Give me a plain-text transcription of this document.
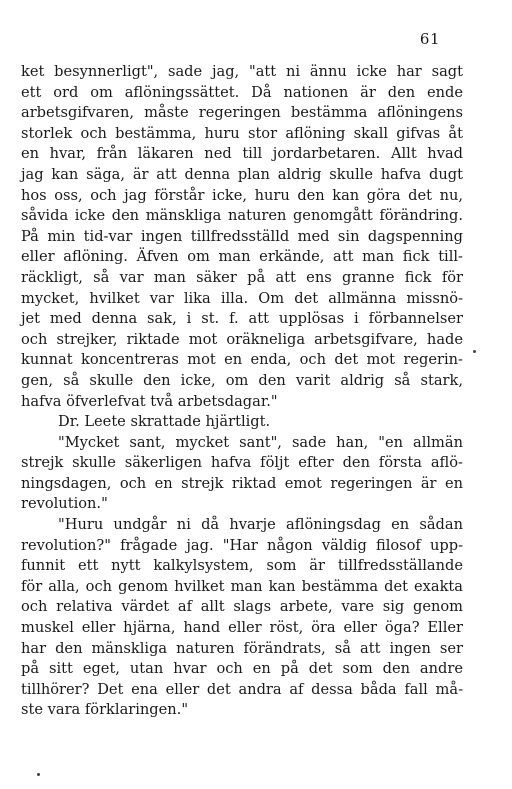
61
ket besynnerligt", sade jag, "att ni ännu icke har sagt
ett ord om aflöningssättet. Då nationen är den ende
arbetsgifvaren, måste regeringen bestämma aflöningens
storlek och bestämma, huru stor aflöning skall gifvas åt
en hvar, från läkaren ned till jordarbetaren. Allt hvad
jag kan säga, är att denna plan aldrig skulle hafva dugt
hos oss, och jag förstår icke, huru den kan göra det nu,
såvida icke den mänskliga naturen genomgått förändring.
På min tid-var ingen tillfredsställd med sin dagspenning
eller aflöning. Äfven om man erkände, att man fick till-
räckligt, så var man säker på att ens granne fick för
mycket, hvilket var lika illa. Om det allmänna missnö-
jet med denna sak, i st. f. att upplösas i förbannelser
och strejker, riktade mot oräkneliga arbetsgifvare, hade
kunnat koncentreras mot en enda, och det mot regerin-
gen, så skulle den icke, om den varit aldrig så stark,
hafva öfverlefvat två arbetsdagar."
Dr. Leete skrattade hjärtligt.
"Mycket sant, mycket sant", sade han, "en allmän
strejk skulle säkerligen hafva följt efter den första aflö-
ningsdagen, och en strejk riktad emot regeringen är en
revolution."
"Huru undgår ni då hvarje aflöningsdag en sådan
revolution?" frågade jag. "Har någon väldig filosof upp-
funnit ett nytt kalkylsystem, som är tillfredsställande
för alla, och genom hvilket man kan bestämma det exakta
och relativa värdet af allt slags arbete, vare sig genom
muskel eller hjärna, hand eller röst, öra eller öga? Eller
har den mänskliga naturen förändrats, så att ingen ser
på sitt eget, utan hvar och en på det som den andre
tillhörer? Det ena eller det andra af dessa båda fall må-
ste vara förklaringen."
